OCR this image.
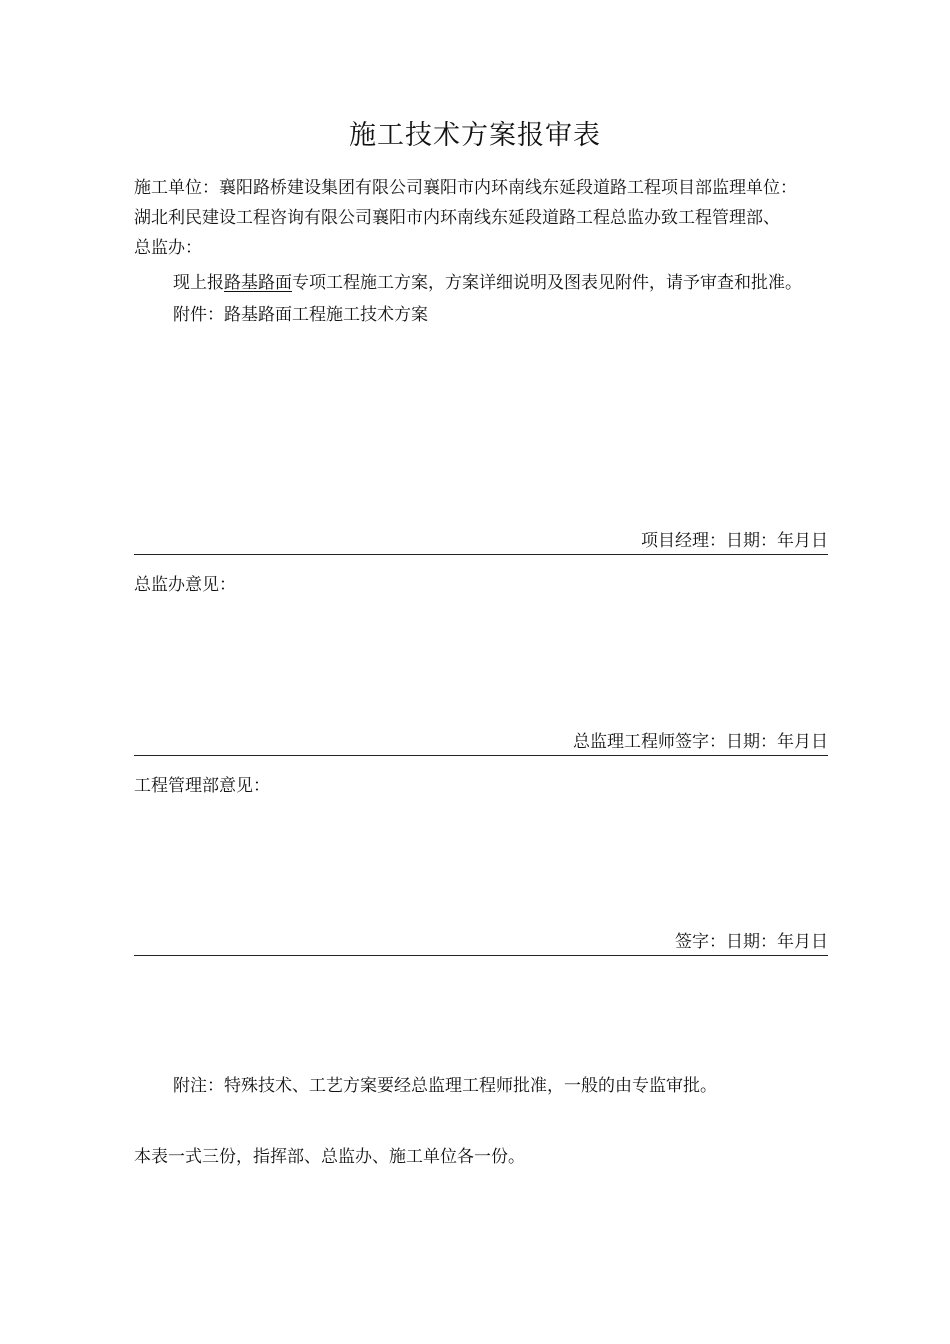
施工技术方案报审表
施工单位：襄阳路桥建设集团有限公司襄阳市内环南线东延段道路工程项目部监理单位：
湖北利民建设工程咨询有限公司襄阳市内环南线东延段道路工程总监办致工程管理部、
总监办：
现上报路基路面专项工程施工方案，方案详细说明及图表见附件，请予审查和批准。
附件：路基路面工程施工技术方案
项目经理：日期：年月日
总监办意见：
总监理工程师签字：日期：年月日
工程管理部意见：
签字：日期：年月日
附注：特殊技术、工艺方案要经总监理工程师批准，一般的由专监审批。
本表一式三份，指挥部、总监办、施工单位各一份。
